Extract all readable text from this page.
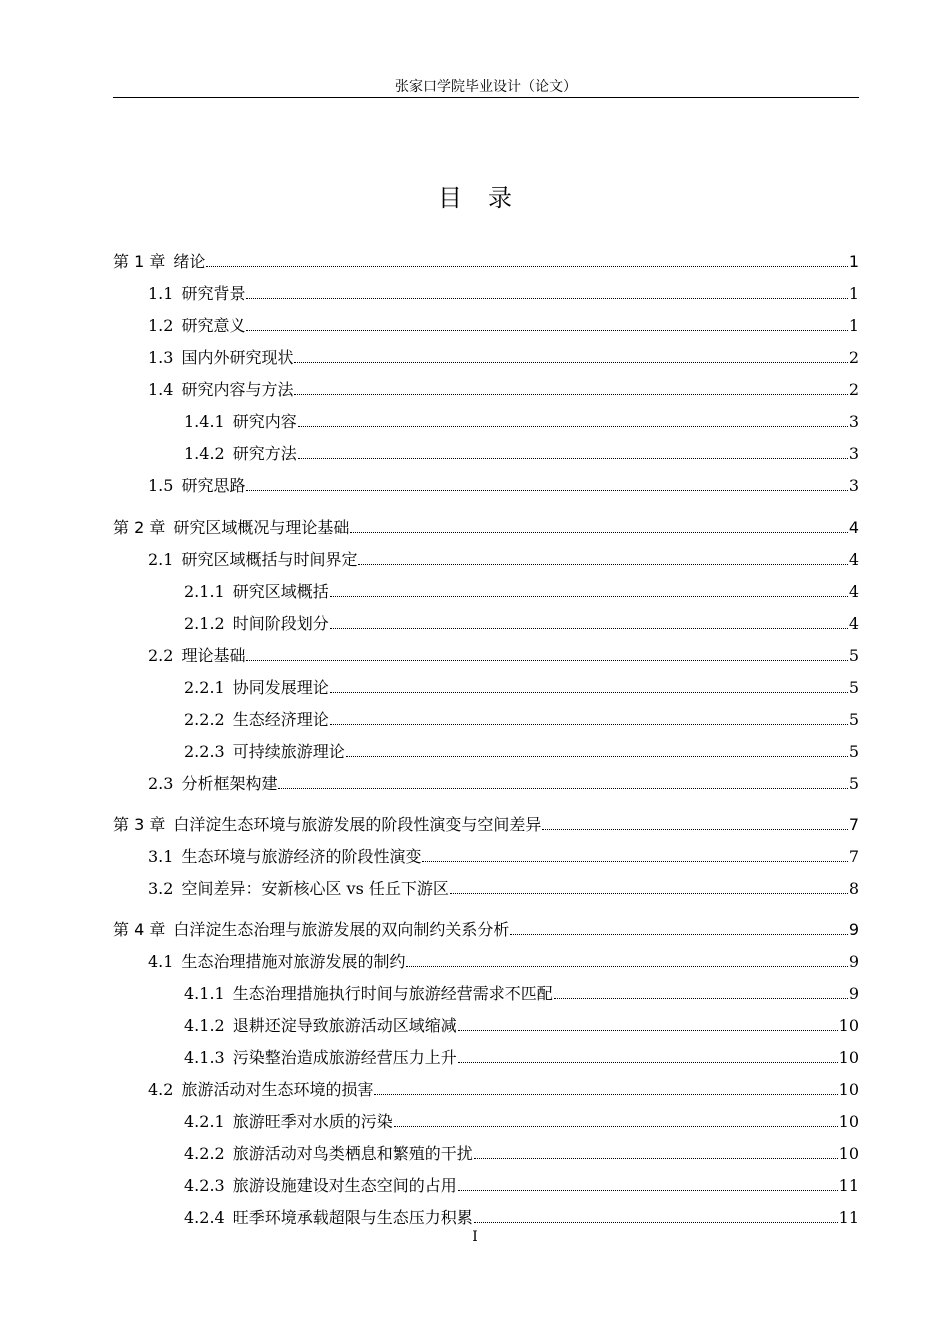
张家口学院毕业设计（论文）
目录
第 1 章 绪论	1
1.1 研究背景	1
1.2 研究意义	1
1.3 国内外研究现状	2
1.4 研究内容与方法	2
1.4.1 研究内容	3
1.4.2 研究方法	3
1.5 研究思路	3
第 2 章 研究区域概况与理论基础	4
2.1 研究区域概括与时间界定	4
2.1.1 研究区域概括	4
2.1.2 时间阶段划分	4
2.2 理论基础	5
2.2.1 协同发展理论	5
2.2.2 生态经济理论	5
2.2.3 可持续旅游理论	5
2.3 分析框架构建	5
第 3 章 白洋淀生态环境与旅游发展的阶段性演变与空间差异	7
3.1 生态环境与旅游经济的阶段性演变	7
3.2 空间差异：安新核心区 vs 任丘下游区	8
第 4 章 白洋淀生态治理与旅游发展的双向制约关系分析	9
4.1 生态治理措施对旅游发展的制约	9
4.1.1 生态治理措施执行时间与旅游经营需求不匹配	9
4.1.2 退耕还淀导致旅游活动区域缩减	10
4.1.3 污染整治造成旅游经营压力上升	10
4.2 旅游活动对生态环境的损害	10
4.2.1 旅游旺季对水质的污染	10
4.2.2 旅游活动对鸟类栖息和繁殖的干扰	10
4.2.3 旅游设施建设对生态空间的占用	11
4.2.4 旺季环境承载超限与生态压力积累	11
I
